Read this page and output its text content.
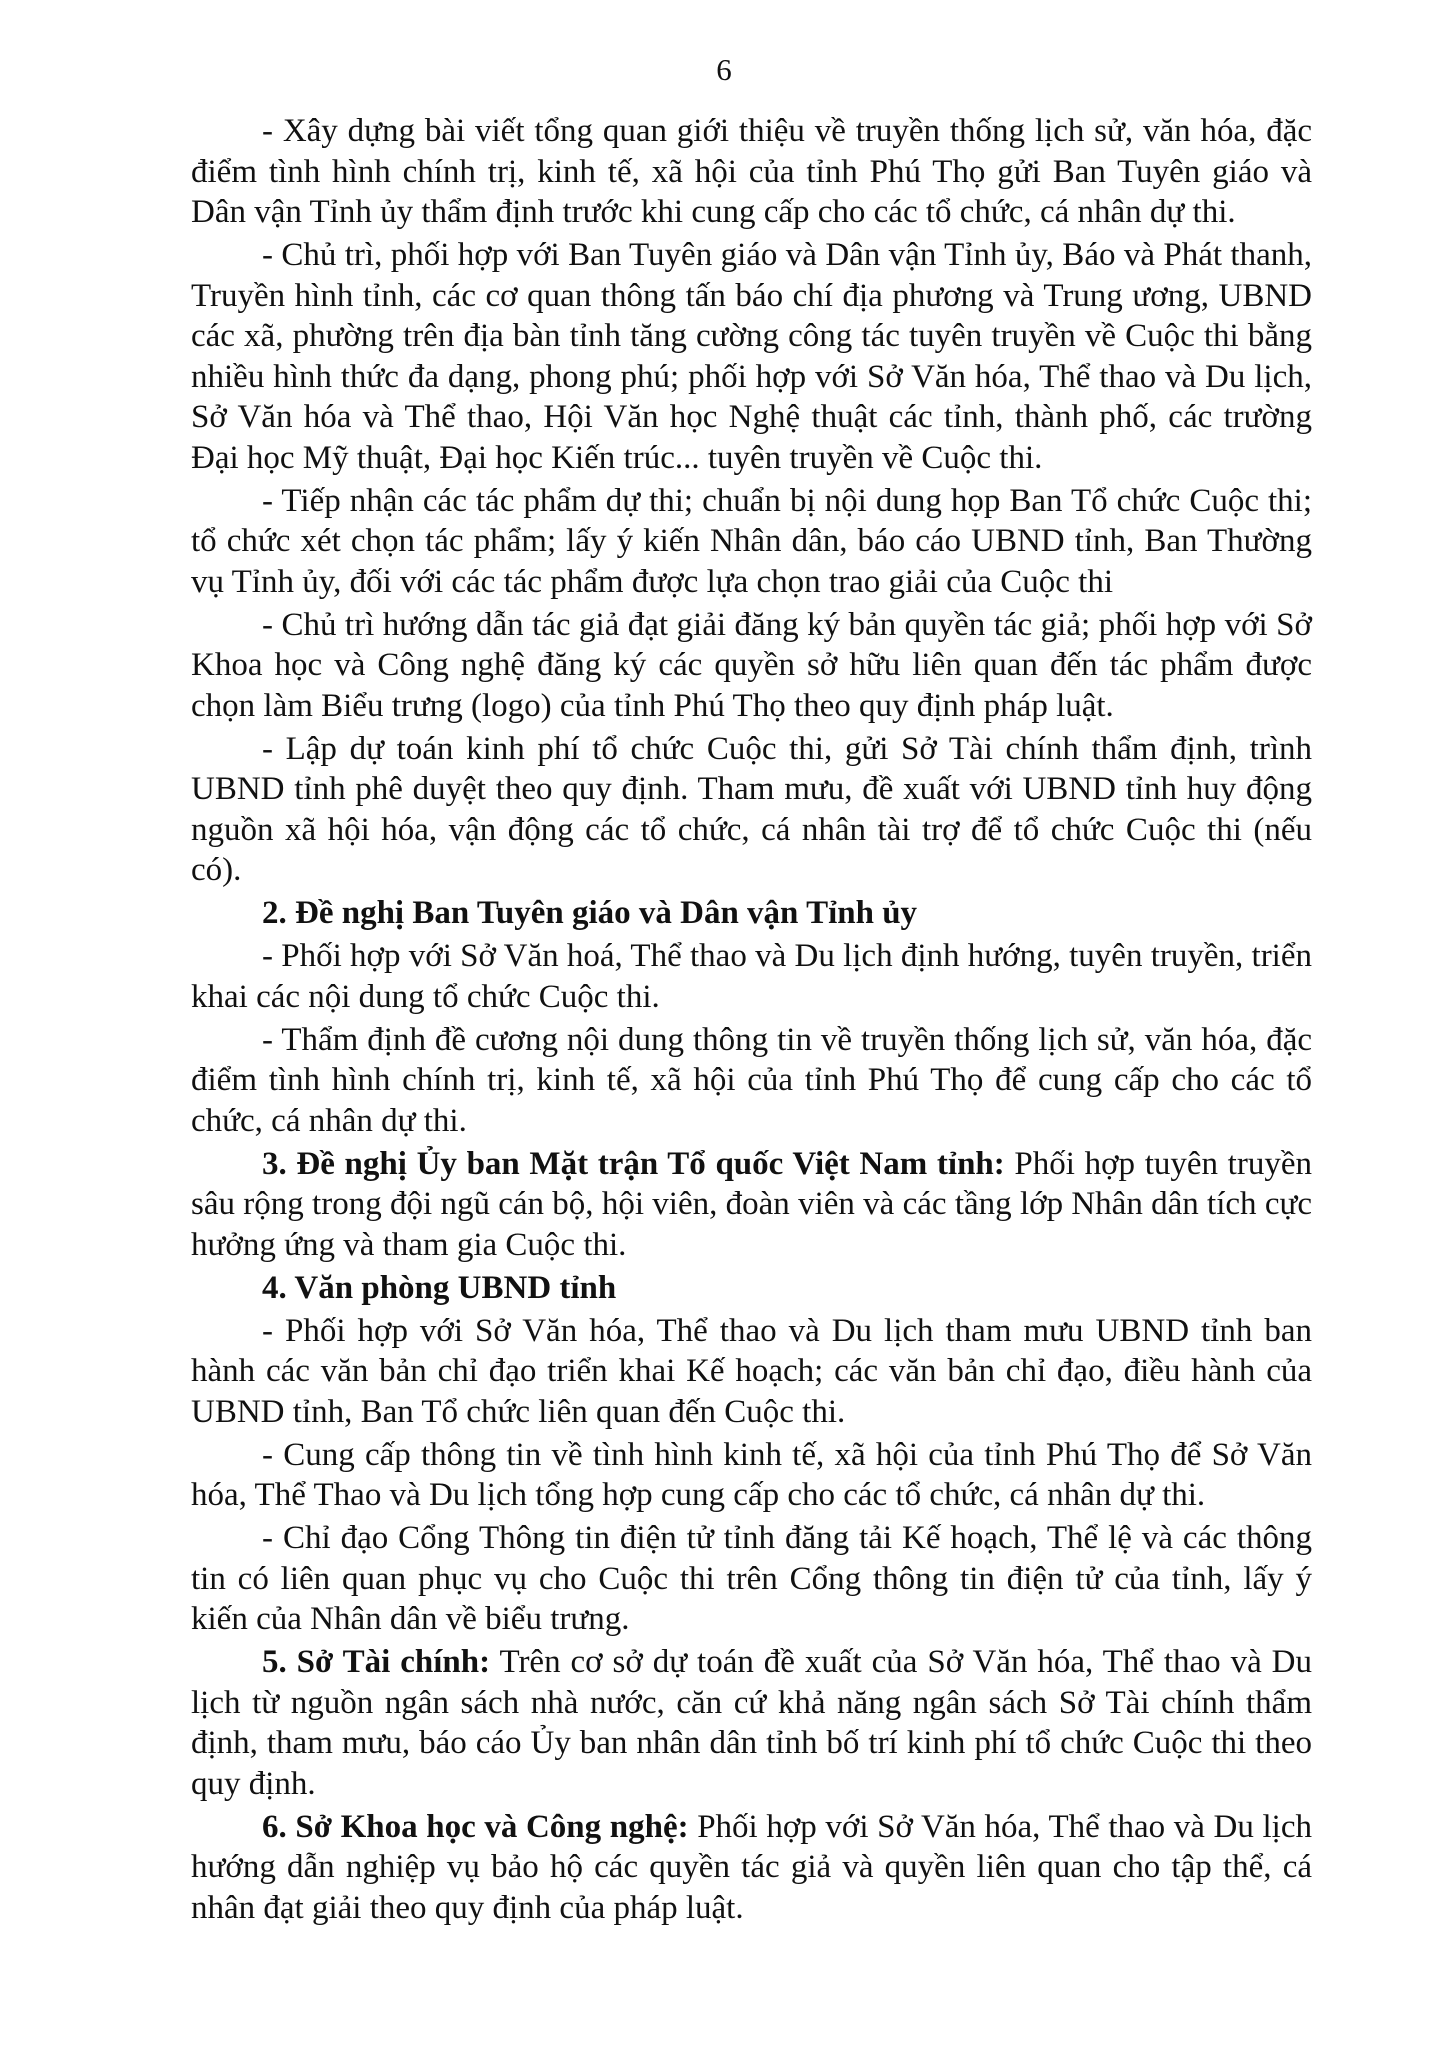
6

- Xây dựng bài viết tổng quan giới thiệu về truyền thống lịch sử, văn hóa, đặc điểm tình hình chính trị, kinh tế, xã hội của tỉnh Phú Thọ gửi Ban Tuyên giáo và Dân vận Tỉnh ủy thẩm định trước khi cung cấp cho các tổ chức, cá nhân dự thi.

- Chủ trì, phối hợp với Ban Tuyên giáo và Dân vận Tỉnh ủy, Báo và Phát thanh, Truyền hình tỉnh, các cơ quan thông tấn báo chí địa phương và Trung ương, UBND các xã, phường trên địa bàn tỉnh tăng cường công tác tuyên truyền về Cuộc thi bằng nhiều hình thức đa dạng, phong phú; phối hợp với Sở Văn hóa, Thể thao và Du lịch, Sở Văn hóa và Thể thao, Hội Văn học Nghệ thuật các tỉnh, thành phố, các trường Đại học Mỹ thuật, Đại học Kiến trúc... tuyên truyền về Cuộc thi.

- Tiếp nhận các tác phẩm dự thi; chuẩn bị nội dung họp Ban Tổ chức Cuộc thi; tổ chức xét chọn tác phẩm; lấy ý kiến Nhân dân, báo cáo UBND tỉnh, Ban Thường vụ Tỉnh ủy, đối với các tác phẩm được lựa chọn trao giải của Cuộc thi

- Chủ trì hướng dẫn tác giả đạt giải đăng ký bản quyền tác giả; phối hợp với Sở Khoa học và Công nghệ đăng ký các quyền sở hữu liên quan đến tác phẩm được chọn làm Biểu trưng (logo) của tỉnh Phú Thọ theo quy định pháp luật.

- Lập dự toán kinh phí tổ chức Cuộc thi, gửi Sở Tài chính thẩm định, trình UBND tỉnh phê duyệt theo quy định. Tham mưu, đề xuất với UBND tỉnh huy động nguồn xã hội hóa, vận động các tổ chức, cá nhân tài trợ để tổ chức Cuộc thi (nếu có).

2. Đề nghị Ban Tuyên giáo và Dân vận Tỉnh ủy

- Phối hợp với Sở Văn hoá, Thể thao và Du lịch định hướng, tuyên truyền, triển khai các nội dung tổ chức Cuộc thi.

- Thẩm định đề cương nội dung thông tin về truyền thống lịch sử, văn hóa, đặc điểm tình hình chính trị, kinh tế, xã hội của tỉnh Phú Thọ để cung cấp cho các tổ chức, cá nhân dự thi.

3. Đề nghị Ủy ban Mặt trận Tổ quốc Việt Nam tỉnh: Phối hợp tuyên truyền sâu rộng trong đội ngũ cán bộ, hội viên, đoàn viên và các tầng lớp Nhân dân tích cực hưởng ứng và tham gia Cuộc thi.

4. Văn phòng UBND tỉnh

- Phối hợp với Sở Văn hóa, Thể thao và Du lịch tham mưu UBND tỉnh ban hành các văn bản chỉ đạo triển khai Kế hoạch; các văn bản chỉ đạo, điều hành của UBND tỉnh, Ban Tổ chức liên quan đến Cuộc thi.

- Cung cấp thông tin về tình hình kinh tế, xã hội của tỉnh Phú Thọ để Sở Văn hóa, Thể Thao và Du lịch tổng hợp cung cấp cho các tổ chức, cá nhân dự thi.

- Chỉ đạo Cổng Thông tin điện tử tỉnh đăng tải Kế hoạch, Thể lệ và các thông tin có liên quan phục vụ cho Cuộc thi trên Cổng thông tin điện tử của tỉnh, lấy ý kiến của Nhân dân về biểu trưng.

5. Sở Tài chính: Trên cơ sở dự toán đề xuất của Sở Văn hóa, Thể thao và Du lịch từ nguồn ngân sách nhà nước, căn cứ khả năng ngân sách Sở Tài chính thẩm định, tham mưu, báo cáo Ủy ban nhân dân tỉnh bố trí kinh phí tổ chức Cuộc thi theo quy định.

6. Sở Khoa học và Công nghệ: Phối hợp với Sở Văn hóa, Thể thao và Du lịch hướng dẫn nghiệp vụ bảo hộ các quyền tác giả và quyền liên quan cho tập thể, cá nhân đạt giải theo quy định của pháp luật.
